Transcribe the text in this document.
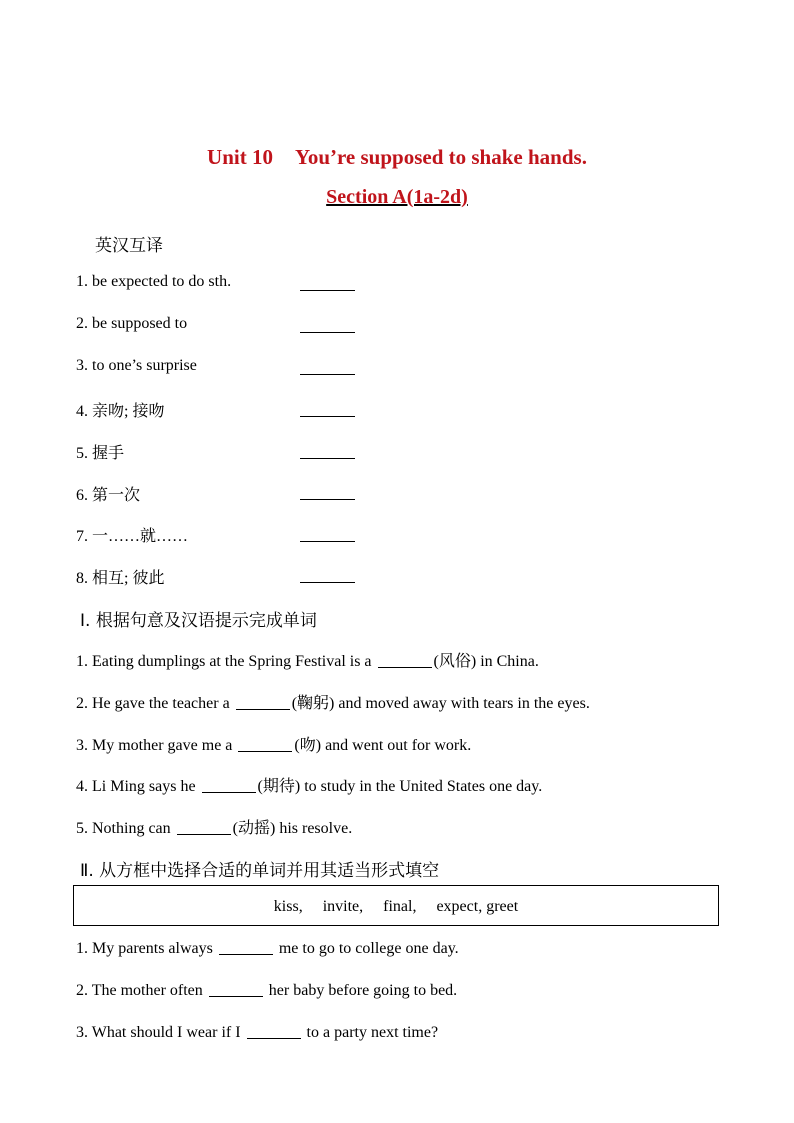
Unit 10 You’re supposed to shake hands.
Section A(1a-2d)
英汉互译
1. be expected to do sth.
2. be supposed to
3. to one’s surprise
4. 亲吻; 接吻
5. 握手
6. 第一次
7. 一……就……
8. 相互; 彼此
Ⅰ. 根据句意及汉语提示完成单词
1. Eating dumplings at the Spring Festival is a	(风俗) in China.
2. He gave the teacher a	(鞠躬) and moved away with tears in the eyes.
3. My mother gave me a	(吻) and went out for work.
4. Li Ming says he	(期待) to study in the United States one day.
5. Nothing can	(动摇) his resolve.
Ⅱ. 从方框中选择合适的单词并用其适当形式填空
kiss,     invite,     final,     expect, greet
1. My parents always	me to go to college one day.
2. The mother often	her baby before going to bed.
3. What should I wear if I	to a party next time?
